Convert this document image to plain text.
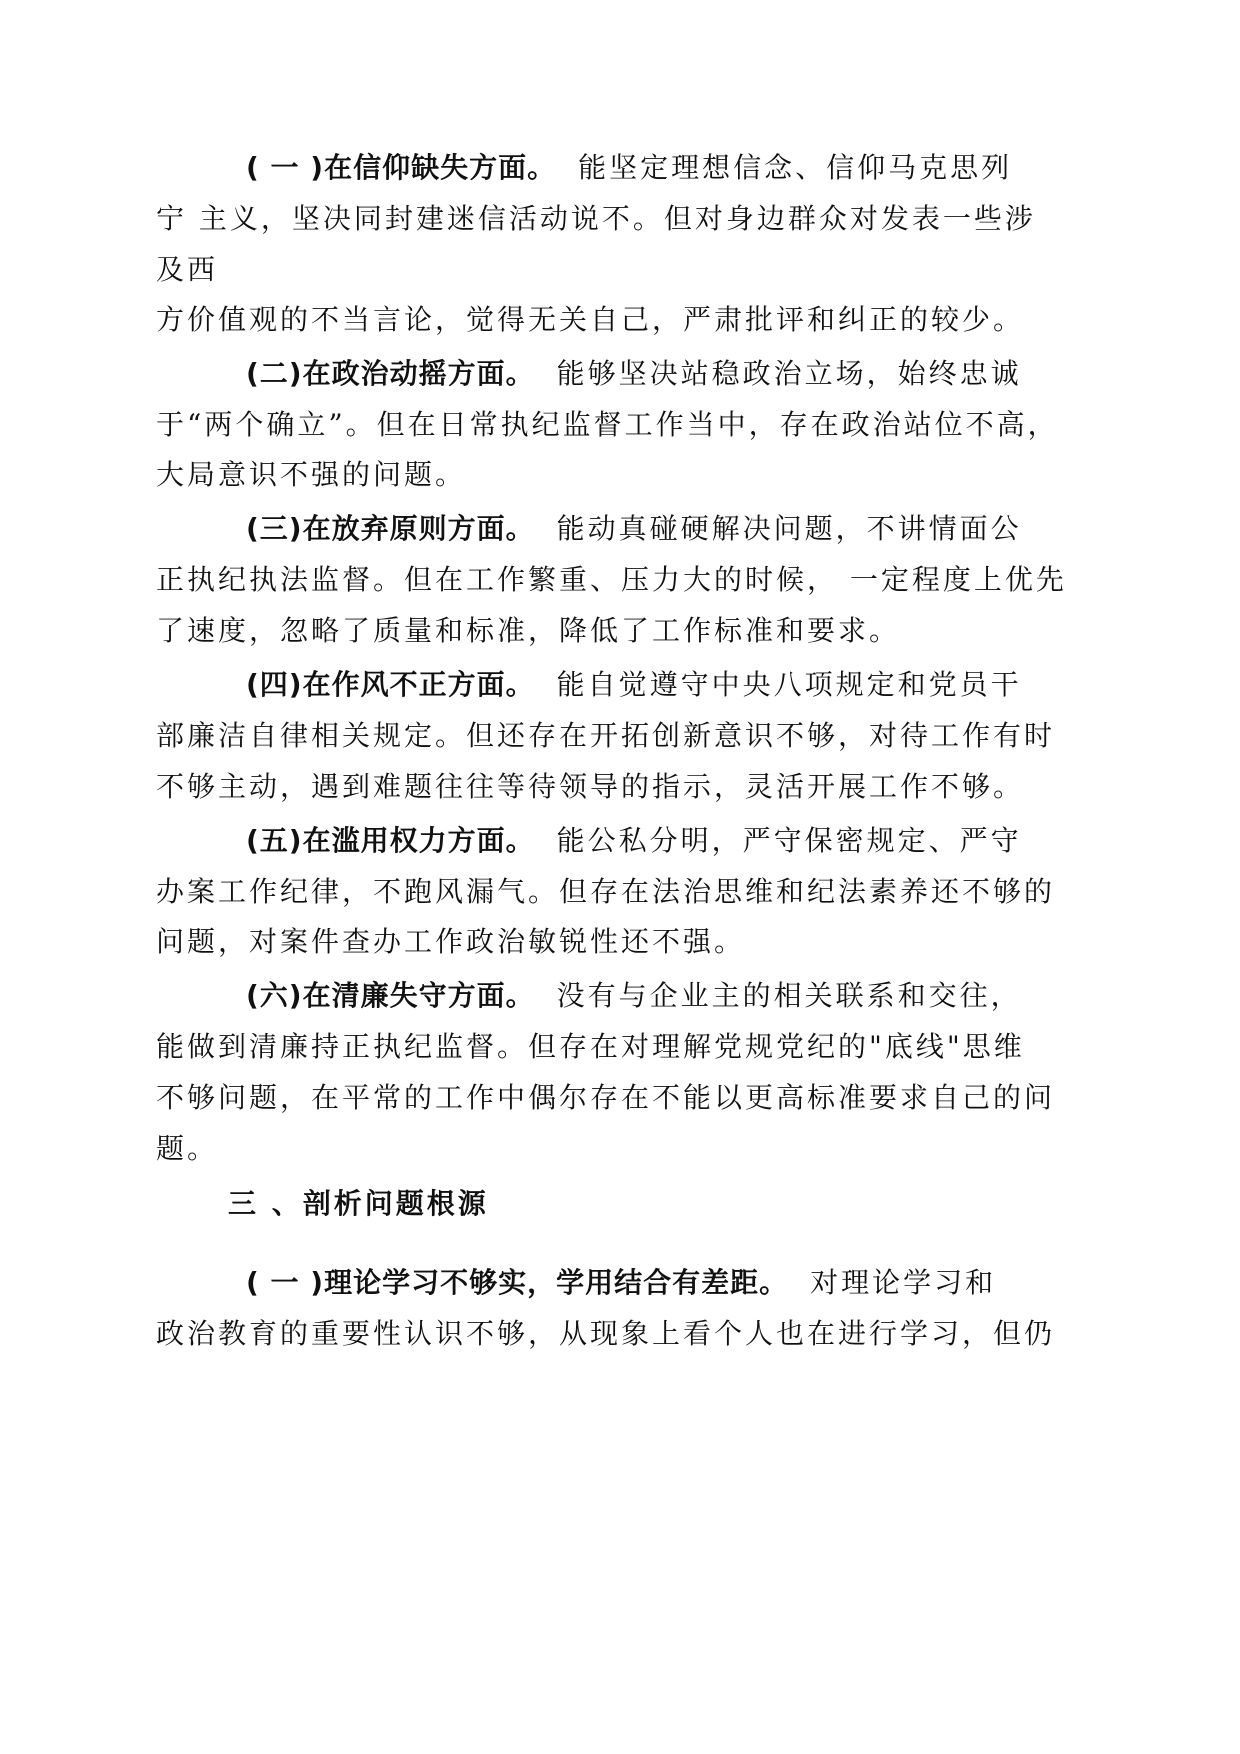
( 一 )在信仰缺失方面。 能坚定理想信念、信仰马克思列
宁 主义，坚决同封建迷信活动说不。但对身边群众对发表一些涉
及西
方价值观的不当言论，觉得无关自己，严肃批评和纠正的较少。
(二)在政治动摇方面。 能够坚决站稳政治立场，始终忠诚
于“两个确立”。但在日常执纪监督工作当中，存在政治站位不高，
大局意识不强的问题。
(三)在放弃原则方面。 能动真碰硬解决问题，不讲情面公
正执纪执法监督。但在工作繁重、压力大的时候， 一定程度上优先
了速度，忽略了质量和标准，降低了工作标准和要求。
(四)在作风不正方面。 能自觉遵守中央八项规定和党员干
部廉洁自律相关规定。但还存在开拓创新意识不够，对待工作有时
不够主动，遇到难题往往等待领导的指示，灵活开展工作不够。
(五)在滥用权力方面。 能公私分明，严守保密规定、严守
办案工作纪律，不跑风漏气。但存在法治思维和纪法素养还不够的
问题，对案件查办工作政治敏锐性还不强。
(六)在清廉失守方面。 没有与企业主的相关联系和交往，
能做到清廉持正执纪监督。但存在对理解党规党纪的"底线"思维
不够问题，在平常的工作中偶尔存在不能以更高标准要求自己的问
题。
三 、剖析问题根源
( 一 )理论学习不够实，学用结合有差距。 对理论学习和
政治教育的重要性认识不够，从现象上看个人也在进行学习，但仍
